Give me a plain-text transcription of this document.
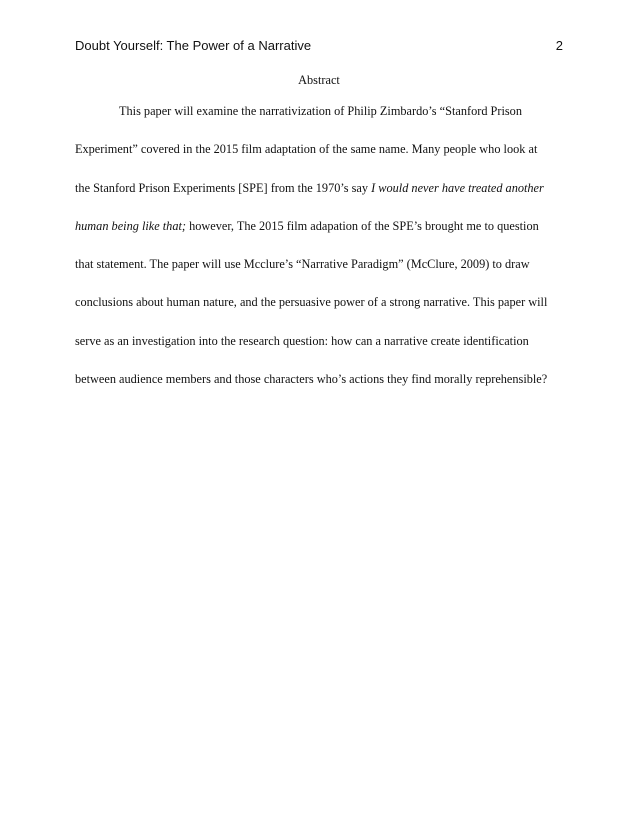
Doubt Yourself: The Power of a Narrative	2
Abstract
This paper will examine the narrativization of Philip Zimbardo’s “Stanford Prison
Experiment” covered in the 2015 film adaptation of the same name. Many people who look at
the Stanford Prison Experiments [SPE] from the 1970’s say I would never have treated another
human being like that; however, The 2015 film adapation of the SPE’s brought me to question
that statement. The paper will use Mcclure’s “Narrative Paradigm” (McClure, 2009) to draw
conclusions about human nature, and the persuasive power of a strong narrative. This paper will
serve as an investigation into the research question: how can a narrative create identification
between audience members and those characters who’s actions they find morally reprehensible?
